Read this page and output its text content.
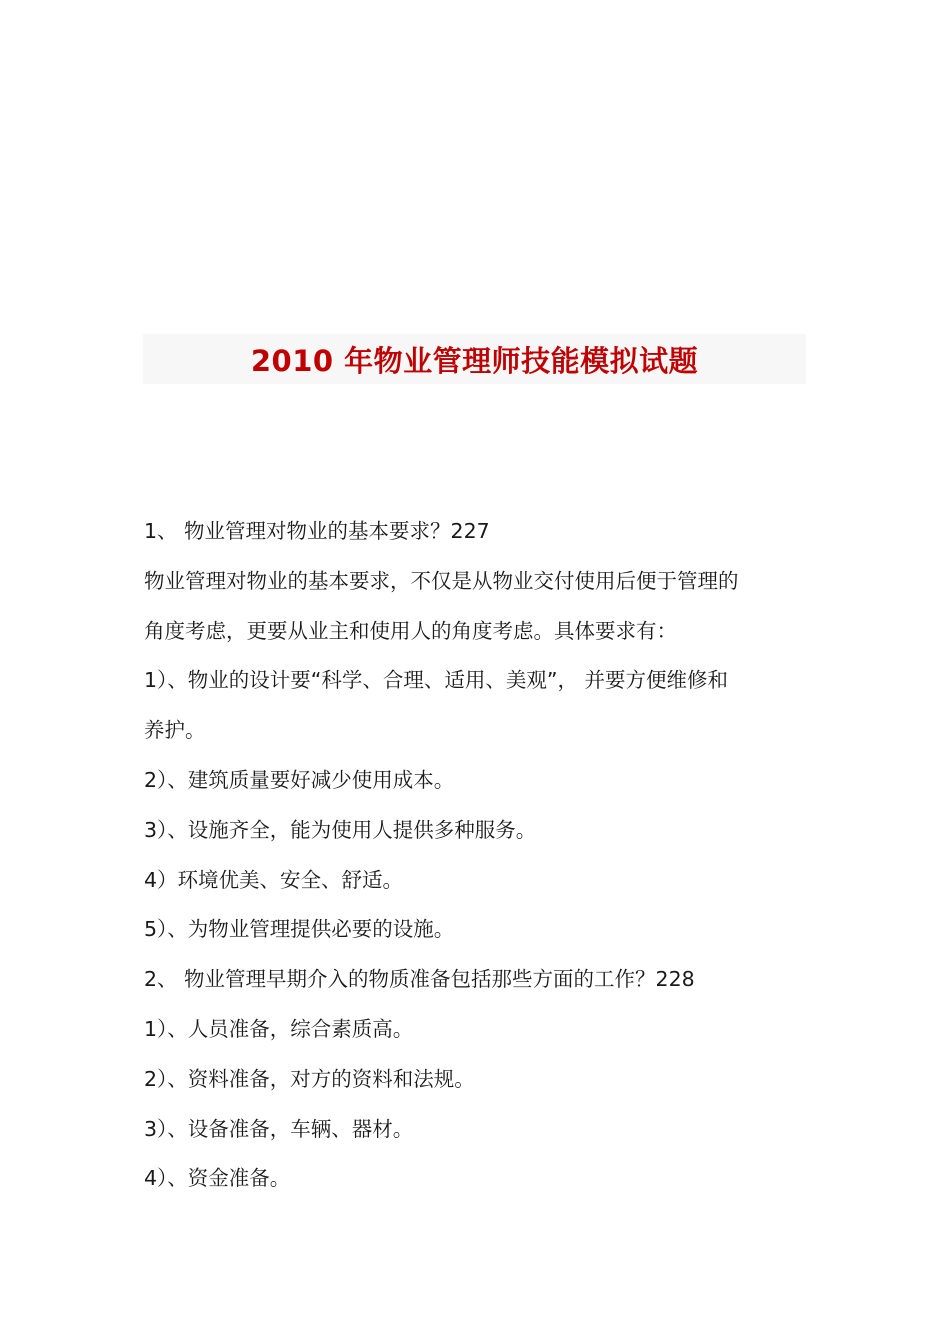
2010 年物业管理师技能模拟试题
1、 物业管理对物业的基本要求？227
物业管理对物业的基本要求，不仅是从物业交付使用后便于管理的
角度考虑，更要从业主和使用人的角度考虑。具体要求有：
1）、物业的设计要“科学、合理、适用、美观”， 并要方便维修和
养护。
2）、建筑质量要好减少使用成本。
3）、设施齐全，能为使用人提供多种服务。
4）环境优美、安全、舒适。
5）、为物业管理提供必要的设施。
2、 物业管理早期介入的物质准备包括那些方面的工作？228
1）、人员准备，综合素质高。
2）、资料准备，对方的资料和法规。
3）、设备准备，车辆、器材。
4）、资金准备。
